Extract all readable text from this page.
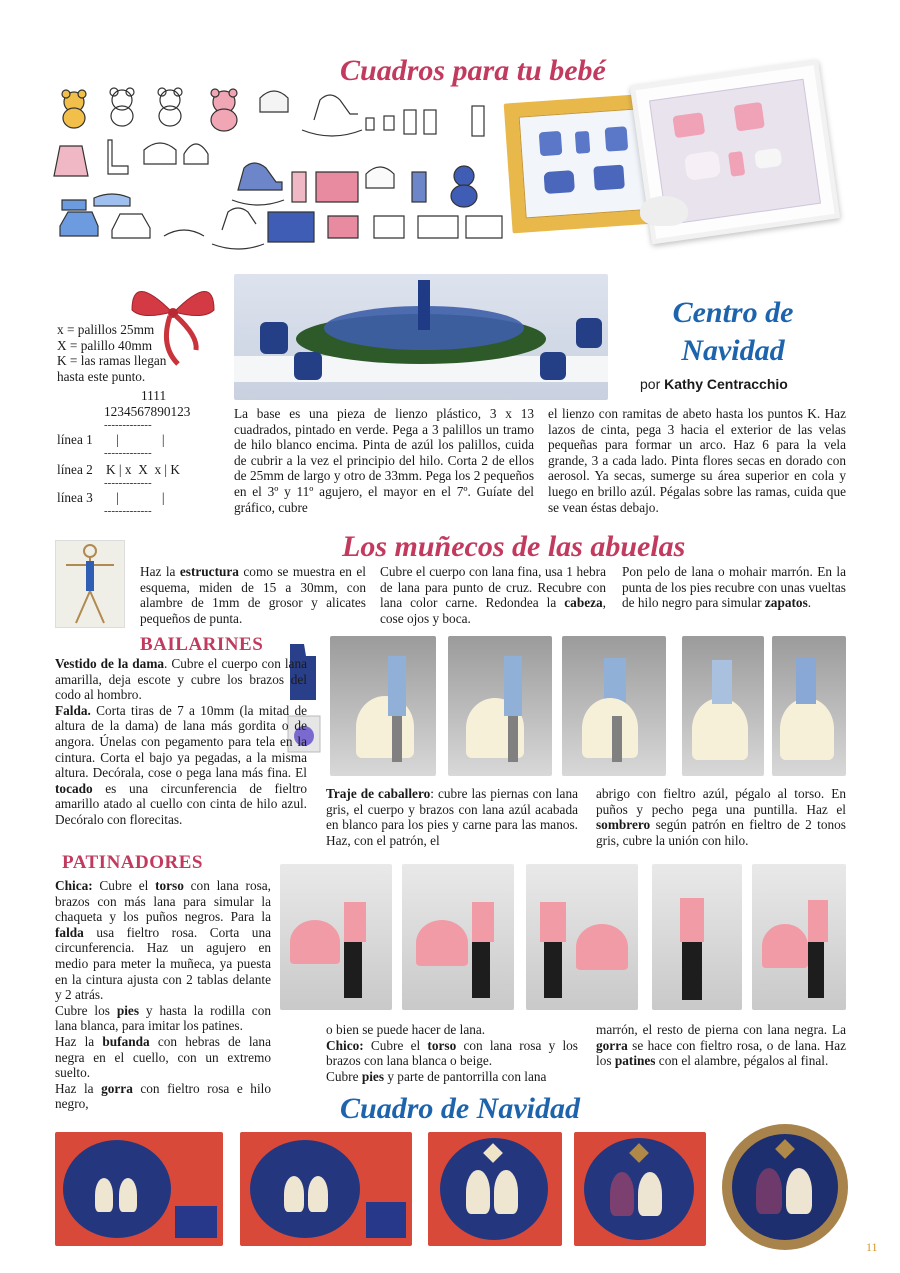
Cuadros para tu bebé
x = palillos 25mm
X = palillo 40mm
K = las ramas llegan
hasta este punto.
1111
1234567890123
-------------
línea 1 |             |
-------------
línea 2 K | x  X  x | K
-------------
línea 3 |             |
-------------
Centro de
Navidad
por Kathy Centracchio
La base es una pieza de lienzo plástico, 3 x 13 cuadrados, pintado en verde. Pega a 3 palillos un tramo de hilo blanco encima. Pinta de azúl los palillos, cuida de cubrir a la vez el principio del hilo. Corta 2 de ellos de 25mm de largo y otro de 33mm. Pega los 2 pequeños en el 3º y 11º agujero, el mayor en el 7º. Guíate del gráfico, cubre
el lienzo con ramitas de abeto hasta los puntos K. Haz lazos de cinta, pega 3 hacia el exterior de las velas pequeñas para formar un arco. Haz 6 para la vela grande, 3 a cada lado. Pinta flores secas en dorado con aerosol. Ya secas, sumerge su área superior en cola y luego en brillo azúl. Pégalas sobre las ramas, cuida que se vean éstas debajo.
Los muñecos de las abuelas
Haz la estructura como se muestra en el esquema, miden de 15 a 30mm, con alambre de 1mm de grosor y alicates pequeños de punta.
Cubre el cuerpo con lana fina, usa 1 hebra de lana para punto de cruz. Recubre con lana color carne. Redondea la cabeza, cose ojos y boca.
Pon pelo de lana o mohair marrón. En la punta de los pies recubre con unas vueltas de hilo negro para simular zapatos.
BAILARINES

Vestido de la dama. Cubre el cuerpo con lana amarilla, deja escote y cubre los brazos del codo al hombro.

Falda. Corta tiras de 7 a 10mm (la mitad de altura de la dama) de lana más gordita o de angora. Únelas con pegamento para tela en la cintura. Corta el bajo ya pegadas, a la misma altura. Decórala, cose o pega lana más fina. El tocado es una circunferencia de fieltro amarillo atado al cuello con cinta de hilo azul. Decóralo con florecitas.

Traje de caballero: cubre las piernas con lana gris, el cuerpo y brazos con lana azúl acabada en blanco para los pies y carne para las manos. Haz, con el patrón, el
abrigo con fieltro azúl, pégalo al torso. En puños y pecho pega una puntilla. Haz el sombrero según patrón en fieltro de 2 tonos gris, cubre la unión con hilo.
PATINADORES

Chica: Cubre el torso con lana rosa, brazos con más lana para simular la chaqueta y los puños negros. Para la falda usa fieltro rosa. Corta una circunferencia. Haz un agujero en medio para meter la muñeca, ya puesta en la cintura ajusta con 2 tablas delante y 2 atrás.

Cubre los pies y hasta la rodilla con lana blanca, para imitar los patines.

Haz la bufanda con hebras de lana negra en el cuello, con un extremo suelto.

Haz la gorra con fieltro rosa e hilo negro,

o bien se puede hacer de lana.

Chico: Cubre el torso con lana rosa y los brazos con lana blanca o beige.

Cubre pies y parte de pantorrilla con lana

marrón, el resto de pierna con lana negra. La gorra se hace con fieltro rosa, o de lana. Haz los patines con el alambre, pégalos al final.
Cuadro de Navidad
11
